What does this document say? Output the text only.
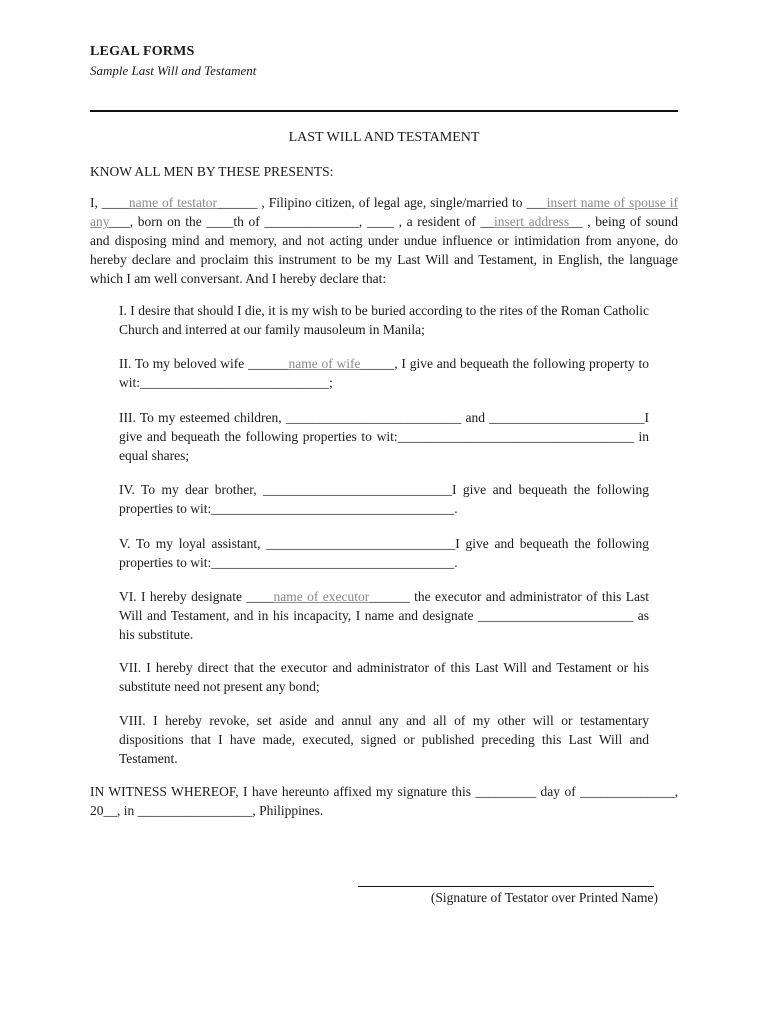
LEGAL FORMS
Sample Last Will and Testament
LAST WILL AND TESTAMENT
KNOW ALL MEN BY THESE PRESENTS:
I, ____name of testator______ , Filipino citizen, of legal age, single/married to ___insert name of spouse if any___, born on the ____th of ______________, ____ , a resident of __insert address__ , being of sound and disposing mind and memory, and not acting under undue influence or intimidation from anyone, do hereby declare and proclaim this instrument to be my Last Will and Testament, in English, the language which I am well conversant. And I hereby declare that:
I. I desire that should I die, it is my wish to be buried according to the rites of the Roman Catholic Church and interred at our family mausoleum in Manila;
II. To my beloved wife ______name of wife_____, I give and bequeath the following property to wit:____________________________;
III. To my esteemed children, __________________________ and _______________________I give and bequeath the following properties to wit:___________________________________ in equal shares;
IV. To my dear brother, ____________________________I give and bequeath the following properties to wit:____________________________________.
V. To my loyal assistant, ____________________________I give and bequeath the following properties to wit:____________________________________.
VI. I hereby designate ____name of executor______ the executor and administrator of this Last Will and Testament, and in his incapacity, I name and designate _______________________ as his substitute.
VII. I hereby direct that the executor and administrator of this Last Will and Testament or his substitute need not present any bond;
VIII. I hereby revoke, set aside and annul any and all of my other will or testamentary dispositions that I have made, executed, signed or published preceding this Last Will and Testament.
IN WITNESS WHEREOF, I have hereunto affixed my signature this _________ day of ______________, 20__, in _________________, Philippines.
(Signature of Testator over Printed Name)
